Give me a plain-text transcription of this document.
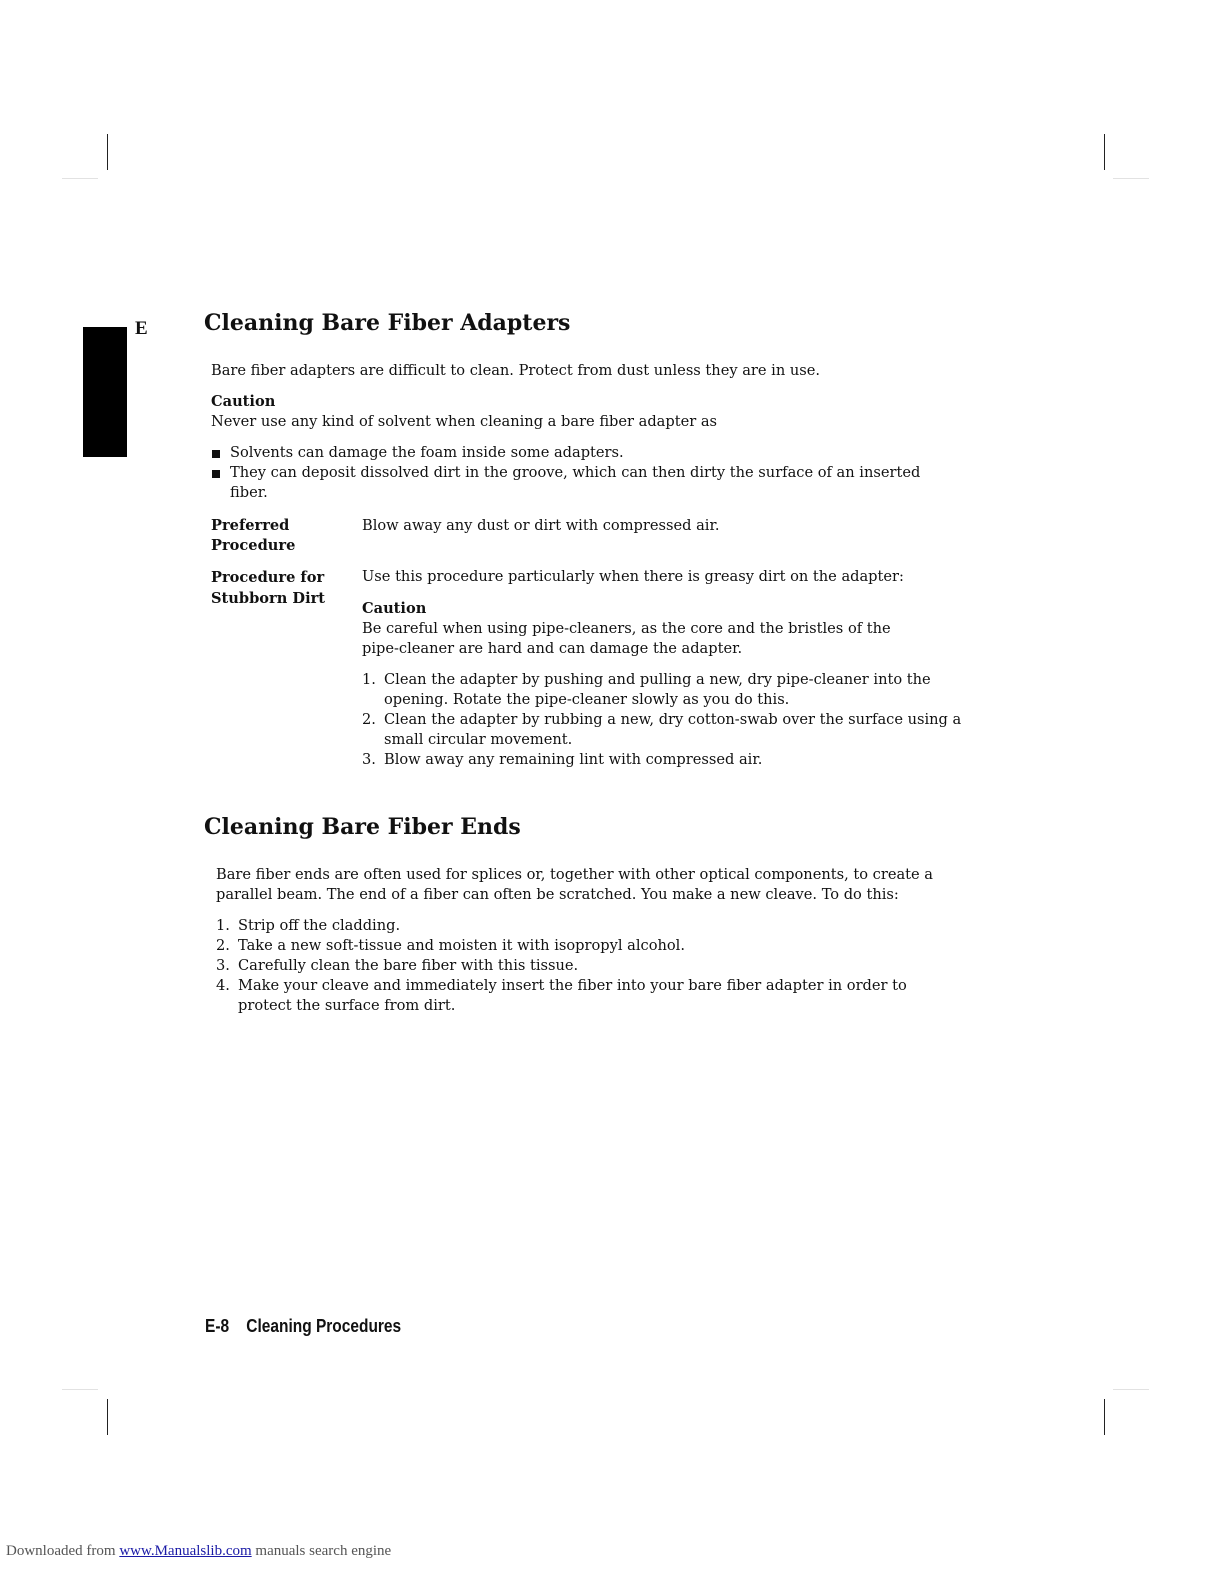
E	Cleaning Bare Fiber Adapters
Bare fiber adapters are difficult to clean. Protect from dust unless they are in use.
Caution
Never use any kind of solvent when cleaning a bare fiber adapter as
Solvents can damage the foam inside some adapters.
They can deposit dissolved dirt in the groove, which can then dirty the surface of an inserted fiber.
Preferred
Procedure
Blow away any dust or dirt with compressed air.
Procedure for
Stubborn Dirt
Use this procedure particularly when there is greasy dirt on the adapter:
Caution
Be careful when using pipe-cleaners, as the core and the bristles of the pipe-cleaner are hard and can damage the adapter.
1. Clean the adapter by pushing and pulling a new, dry pipe-cleaner into the opening. Rotate the pipe-cleaner slowly as you do this.
2. Clean the adapter by rubbing a new, dry cotton-swab over the surface using a small circular movement.
3. Blow away any remaining lint with compressed air.
Cleaning Bare Fiber Ends
Bare fiber ends are often used for splices or, together with other optical components, to create a parallel beam. The end of a fiber can often be scratched. You make a new cleave. To do this:
1. Strip off the cladding.
2. Take a new soft-tissue and moisten it with isopropyl alcohol.
3. Carefully clean the bare fiber with this tissue.
4. Make your cleave and immediately insert the fiber into your bare fiber adapter in order to protect the surface from dirt.
E-8 Cleaning Procedures
Downloaded from www.Manualslib.com manuals search engine
